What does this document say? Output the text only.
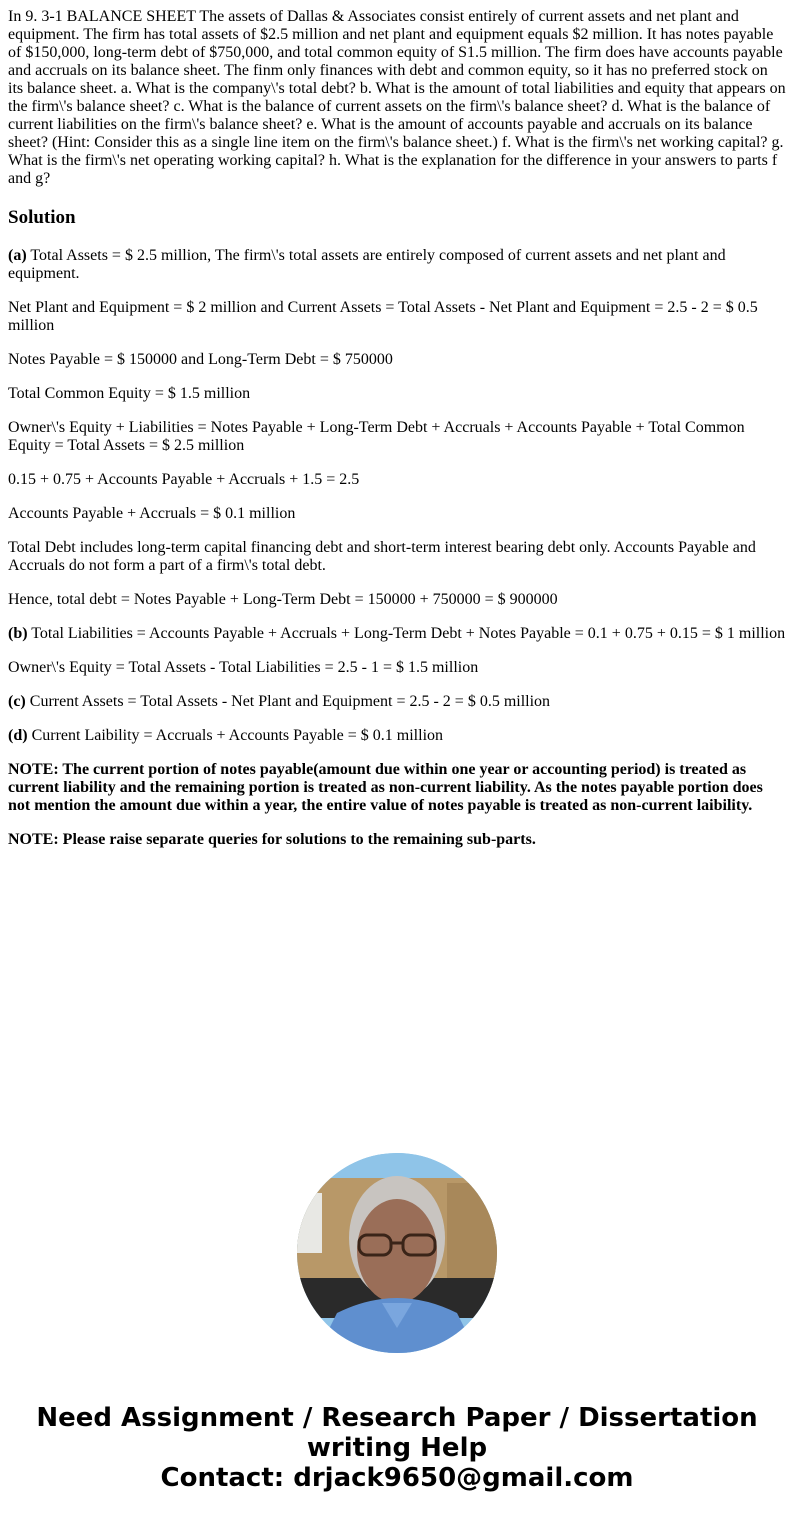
In 9. 3-1 BALANCE SHEET The assets of Dallas & Associates consist entirely of current assets and net plant and equipment. The firm has total assets of $2.5 million and net plant and equipment equals $2 million. It has notes payable of $150,000, long-term debt of $750,000, and total common equity of S1.5 million. The firm does have accounts payable and accruals on its balance sheet. The finm only finances with debt and common equity, so it has no preferred stock on its balance sheet. a. What is the company\'s total debt? b. What is the amount of total liabilities and equity that appears on the firm\'s balance sheet? c. What is the balance of current assets on the firm\'s balance sheet? d. What is the balance of current liabilities on the firm\'s balance sheet? e. What is the amount of accounts payable and accruals on its balance sheet? (Hint: Consider this as a single line item on the firm\'s balance sheet.) f. What is the firm\'s net working capital? g. What is the firm\'s net operating working capital? h. What is the explanation for the difference in your answers to parts f and g?
Solution

(a) Total Assets = $ 2.5 million, The firm\'s total assets are entirely composed of current assets and net plant and equipment.

Net Plant and Equipment = $ 2 million and Current Assets = Total Assets - Net Plant and Equipment = 2.5 - 2 = $ 0.5 million

Notes Payable = $ 150000 and Long-Term Debt = $ 750000

Total Common Equity = $ 1.5 million

Owner\'s Equity + Liabilities = Notes Payable + Long-Term Debt + Accruals + Accounts Payable + Total Common Equity = Total Assets = $ 2.5 million

0.15 + 0.75 + Accounts Payable + Accruals + 1.5 = 2.5

Accounts Payable + Accruals = $ 0.1 million

Total Debt includes long-term capital financing debt and short-term interest bearing debt only. Accounts Payable and Accruals do not form a part of a firm\'s total debt.

Hence, total debt = Notes Payable + Long-Term Debt = 150000 + 750000 = $ 900000

(b) Total Liabilities = Accounts Payable + Accruals + Long-Term Debt + Notes Payable = 0.1 + 0.75 + 0.15 = $ 1 million

Owner\'s Equity = Total Assets - Total Liabilities = 2.5 - 1 = $ 1.5 million

(c) Current Assets = Total Assets - Net Plant and Equipment = 2.5 - 2 = $ 0.5 million

(d) Current Laibility = Accruals + Accounts Payable = $ 0.1 million

NOTE: The current portion of notes payable(amount due within one year or accounting period) is treated as current liability and the remaining portion is treated as non-current liability. As the notes payable portion does not mention the amount due within a year, the entire value of notes payable is treated as non-current laibility.

NOTE: Please raise separate queries for solutions to the remaining sub-parts.

Need Assignment / Research Paper / Dissertation
writing Help
Contact: drjack9650@gmail.com
